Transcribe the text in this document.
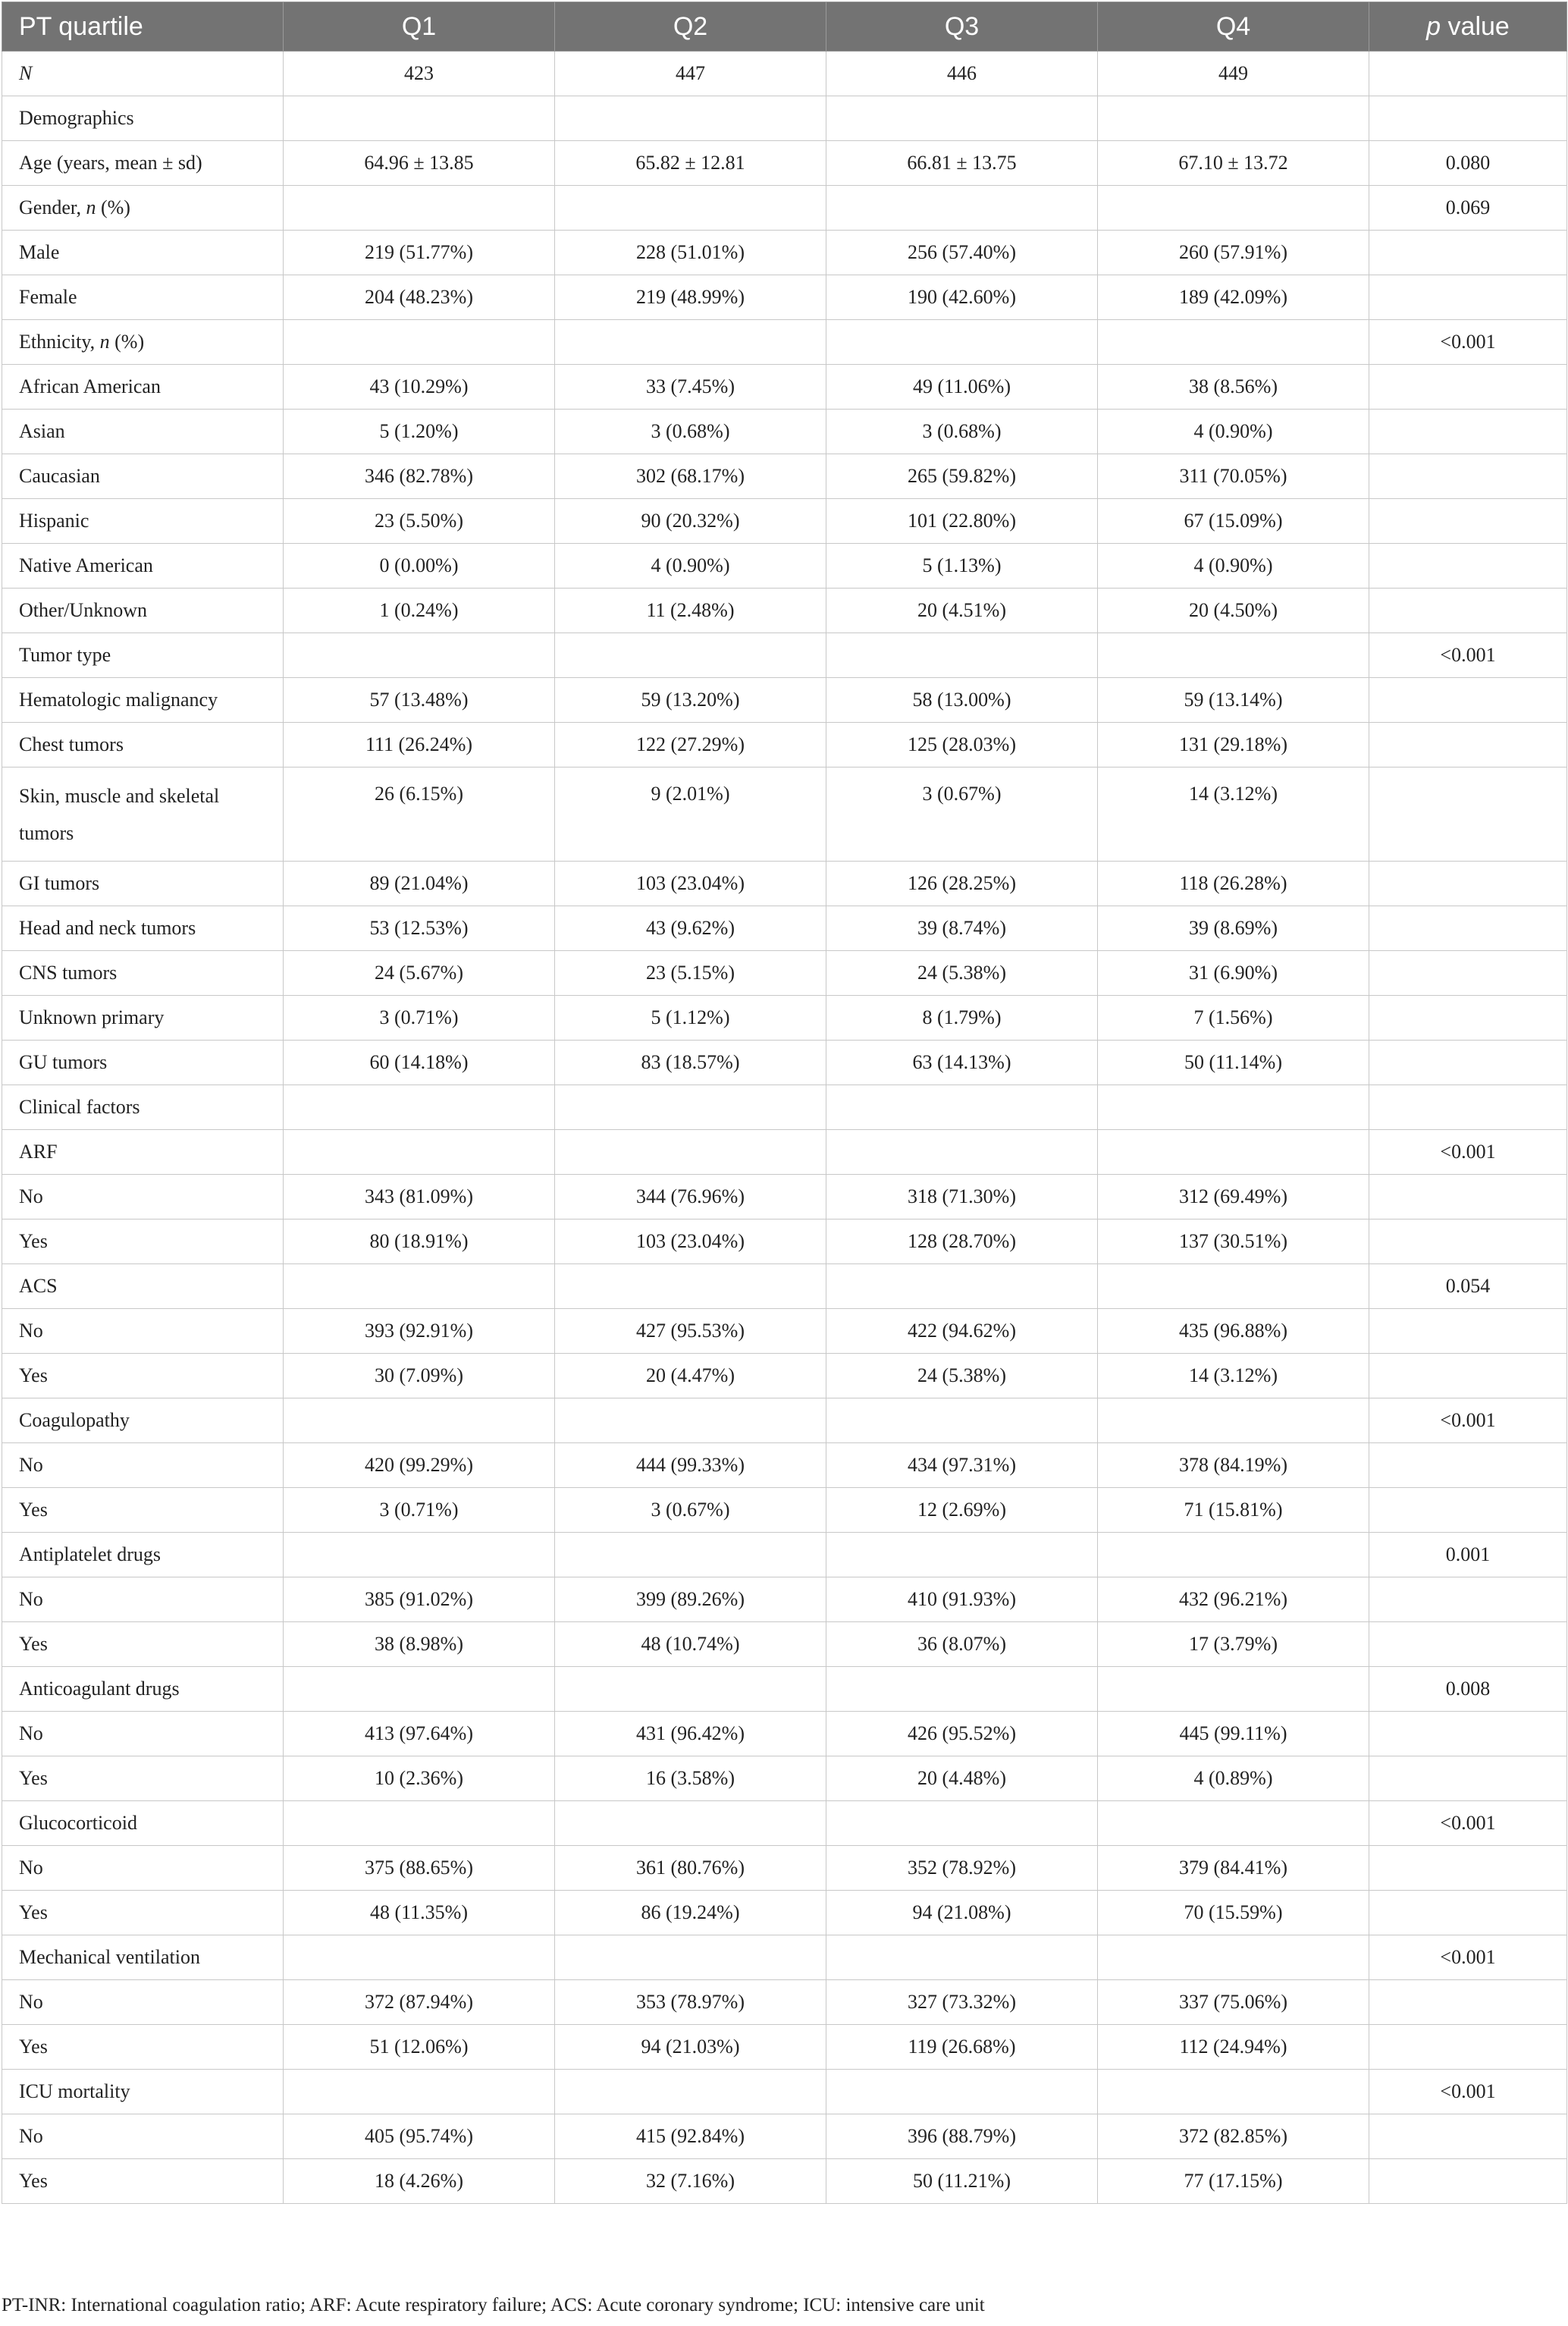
PT quartile	Q1	Q2	Q3	Q4	p value
N	423	447	446	449	
Demographics					
Age (years, mean ± sd)	64.96 ± 13.85	65.82 ± 12.81	66.81 ± 13.75	67.10 ± 13.72	0.080
Gender, n (%)					0.069
Male	219 (51.77%)	228 (51.01%)	256 (57.40%)	260 (57.91%)	
Female	204 (48.23%)	219 (48.99%)	190 (42.60%)	189 (42.09%)	
Ethnicity, n (%)					<0.001
African American	43 (10.29%)	33 (7.45%)	49 (11.06%)	38 (8.56%)	
Asian	5 (1.20%)	3 (0.68%)	3 (0.68%)	4 (0.90%)	
Caucasian	346 (82.78%)	302 (68.17%)	265 (59.82%)	311 (70.05%)	
Hispanic	23 (5.50%)	90 (20.32%)	101 (22.80%)	67 (15.09%)	
Native American	0 (0.00%)	4 (0.90%)	5 (1.13%)	4 (0.90%)	
Other/Unknown	1 (0.24%)	11 (2.48%)	20 (4.51%)	20 (4.50%)	
Tumor type					<0.001
Hematologic malignancy	57 (13.48%)	59 (13.20%)	58 (13.00%)	59 (13.14%)	
Chest tumors	111 (26.24%)	122 (27.29%)	125 (28.03%)	131 (29.18%)	
Skin, muscle and skeletal
tumors	26 (6.15%)	9 (2.01%)	3 (0.67%)	14 (3.12%)	
GI tumors	89 (21.04%)	103 (23.04%)	126 (28.25%)	118 (26.28%)	
Head and neck tumors	53 (12.53%)	43 (9.62%)	39 (8.74%)	39 (8.69%)	
CNS tumors	24 (5.67%)	23 (5.15%)	24 (5.38%)	31 (6.90%)	
Unknown primary	3 (0.71%)	5 (1.12%)	8 (1.79%)	7 (1.56%)	
GU tumors	60 (14.18%)	83 (18.57%)	63 (14.13%)	50 (11.14%)	
Clinical factors					
ARF					<0.001
No	343 (81.09%)	344 (76.96%)	318 (71.30%)	312 (69.49%)	
Yes	80 (18.91%)	103 (23.04%)	128 (28.70%)	137 (30.51%)	
ACS					0.054
No	393 (92.91%)	427 (95.53%)	422 (94.62%)	435 (96.88%)	
Yes	30 (7.09%)	20 (4.47%)	24 (5.38%)	14 (3.12%)	
Coagulopathy					<0.001
No	420 (99.29%)	444 (99.33%)	434 (97.31%)	378 (84.19%)	
Yes	3 (0.71%)	3 (0.67%)	12 (2.69%)	71 (15.81%)	
Antiplatelet drugs					0.001
No	385 (91.02%)	399 (89.26%)	410 (91.93%)	432 (96.21%)	
Yes	38 (8.98%)	48 (10.74%)	36 (8.07%)	17 (3.79%)	
Anticoagulant drugs					0.008
No	413 (97.64%)	431 (96.42%)	426 (95.52%)	445 (99.11%)	
Yes	10 (2.36%)	16 (3.58%)	20 (4.48%)	4 (0.89%)	
Glucocorticoid					<0.001
No	375 (88.65%)	361 (80.76%)	352 (78.92%)	379 (84.41%)	
Yes	48 (11.35%)	86 (19.24%)	94 (21.08%)	70 (15.59%)	
Mechanical ventilation					<0.001
No	372 (87.94%)	353 (78.97%)	327 (73.32%)	337 (75.06%)	
Yes	51 (12.06%)	94 (21.03%)	119 (26.68%)	112 (24.94%)	
ICU mortality					<0.001
No	405 (95.74%)	415 (92.84%)	396 (88.79%)	372 (82.85%)	
Yes	18 (4.26%)	32 (7.16%)	50 (11.21%)	77 (17.15%)	
PT-INR: International coagulation ratio; ARF: Acute respiratory failure; ACS: Acute coronary syndrome; ICU: intensive care unit
